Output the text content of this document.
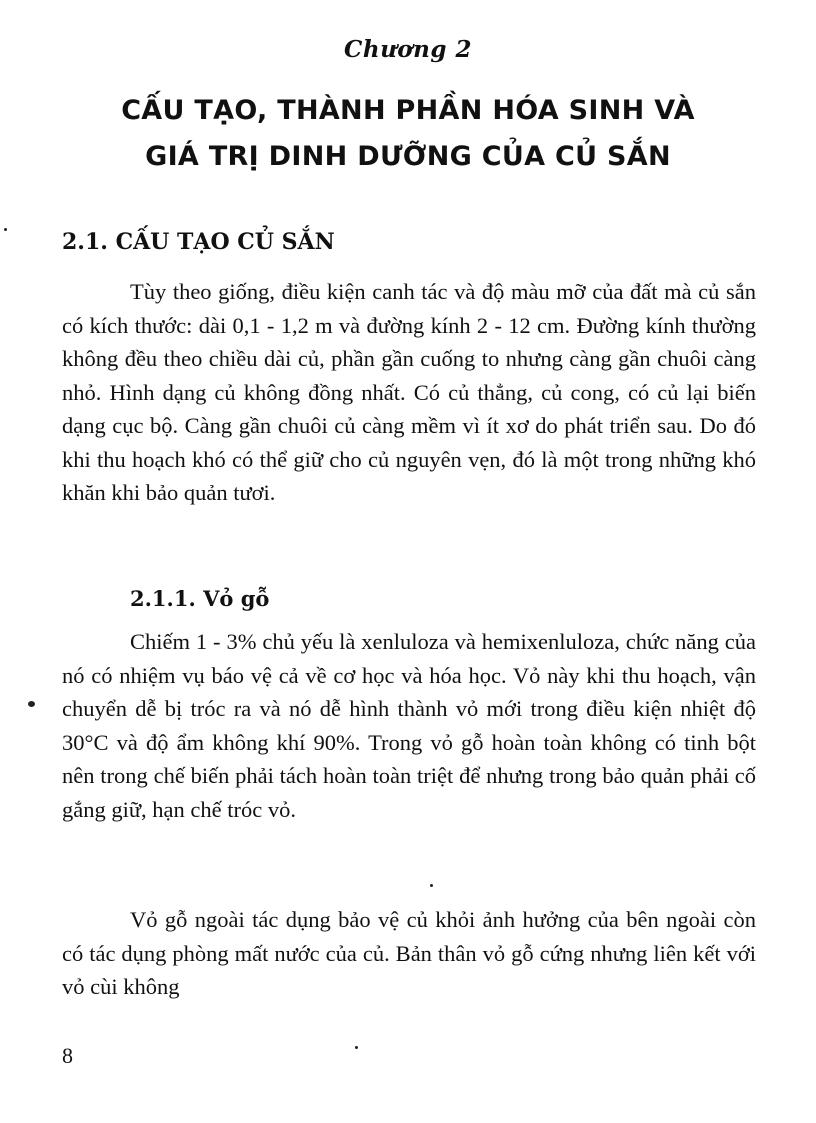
Chương 2
CẤU TẠO, THÀNH PHẦN HÓA SINH VÀ
GIÁ TRỊ DINH DƯỠNG CỦA CỦ SẮN
2.1. CẤU TẠO CỦ SẮN

Tùy theo giống, điều kiện canh tác và độ màu mỡ của đất mà củ sắn có kích thước: dài 0,1 - 1,2 m và đường kính 2 - 12 cm. Đường kính thường không đều theo chiều dài củ, phần gần cuống to nhưng càng gần chuôi càng nhỏ. Hình dạng củ không đồng nhất. Có củ thẳng, củ cong, có củ lại biến dạng cục bộ. Càng gần chuôi củ càng mềm vì ít xơ do phát triển sau. Do đó khi thu hoạch khó có thể giữ cho củ nguyên vẹn, đó là một trong những khó khăn khi bảo quản tươi.

2.1.1. Vỏ gỗ

Chiếm 1 - 3% chủ yếu là xenluloza và hemixenluloza, chức năng của nó có nhiệm vụ báo vệ cả về cơ học và hóa học. Vỏ này khi thu hoạch, vận chuyển dễ bị tróc ra và nó dễ hình thành vỏ mới trong điều kiện nhiệt độ 30°C và độ ẩm không khí 90%. Trong vỏ gỗ hoàn toàn không có tinh bột nên trong chế biến phải tách hoàn toàn triệt để nhưng trong bảo quản phải cố gắng giữ, hạn chế tróc vỏ.

Vỏ gỗ ngoài tác dụng bảo vệ củ khỏi ảnh hưởng của bên ngoài còn có tác dụng phòng mất nước của củ. Bản thân vỏ gỗ cứng nhưng liên kết với vỏ cùi không

8
